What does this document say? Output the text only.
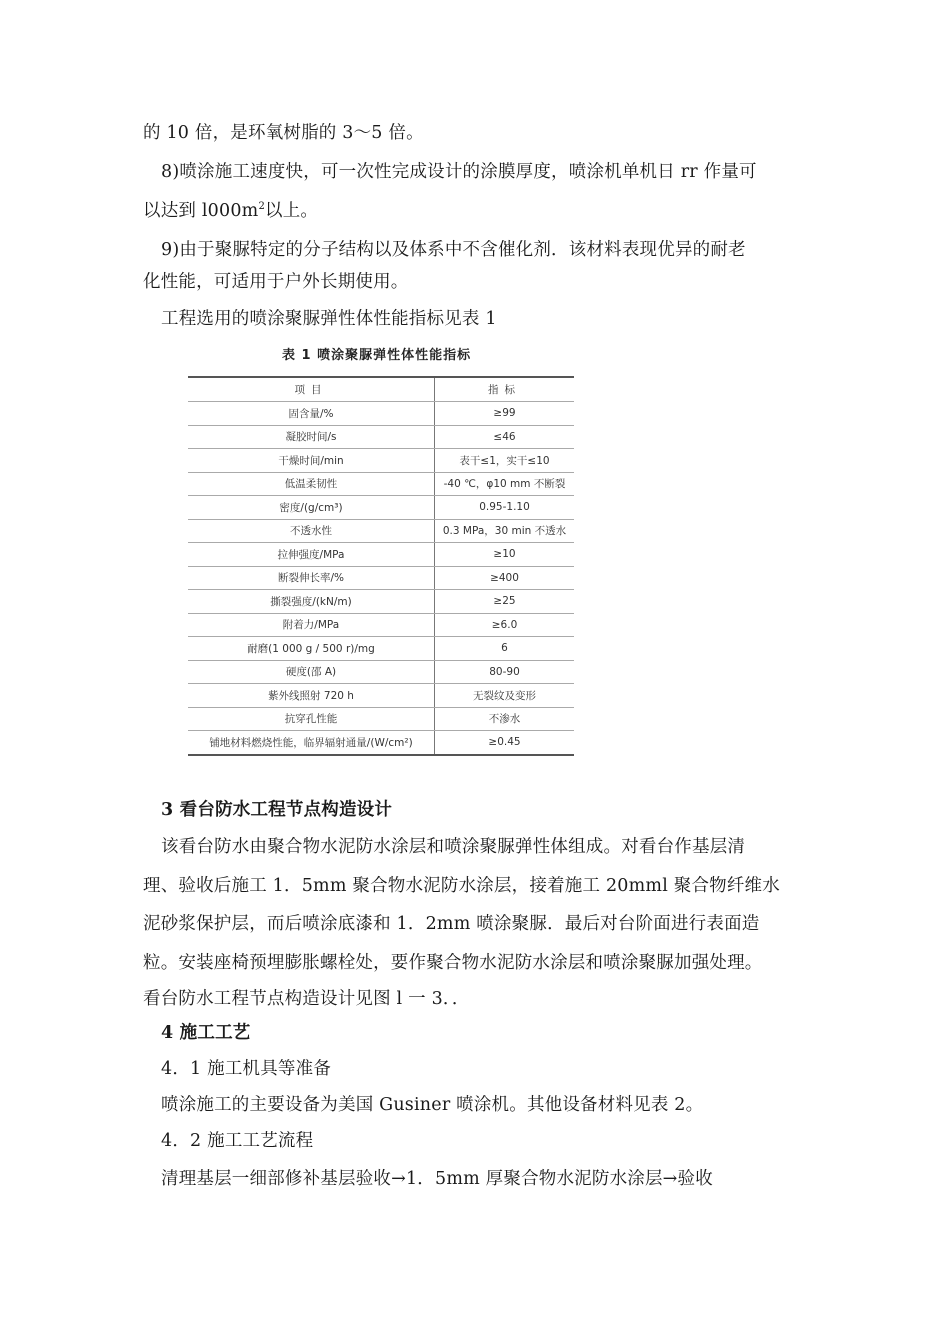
的 10 倍，是环氧树脂的 3～5 倍。
8)喷涂施工速度快，可一次性完成设计的涂膜厚度，喷涂机单机日 rr 作量可
以达到 $l000m^2$以上。
9)由于聚脲特定的分子结构以及体系中不含催化剂．该材料表现优异的耐老
化性能，可适用于户外长期使用。
工程选用的喷涂聚脲弹性体性能指标见表 1
表 1 喷涂聚脲弹性体性能指标
项目	指标
固含量/%	≥99
凝胶时间/s	≤46
干燥时间/min	表干≤1，实干≤10
低温柔韧性	-40 ℃，φ10 mm 不断裂
密度/(g/cm³)	0.95-1.10
不透水性	0.3 MPa，30 min 不透水
拉伸强度/MPa	≥10
断裂伸长率/%	≥400
撕裂强度/(kN/m)	≥25
附着力/MPa	≥6.0
耐磨(1 000 g / 500 r)/mg	6
硬度(邵 A)	80-90
紫外线照射 720 h	无裂纹及变形
抗穿孔性能	不渗水
铺地材料燃烧性能，临界辐射通量/(W/cm²)	≥0.45
3 看台防水工程节点构造设计
该看台防水由聚合物水泥防水涂层和喷涂聚脲弹性体组成。对看台作基层清
理、验收后施工 1．5mm 聚合物水泥防水涂层，接着施工 20mml 聚合物纤维水
泥砂浆保护层，而后喷涂底漆和 1．2mm 喷涂聚脲．最后对台阶面进行表面造
粒。安装座椅预埋膨胀螺栓处，要作聚合物水泥防水涂层和喷涂聚脲加强处理。
看台防水工程节点构造设计见图 l 一 3．．
4 施工工艺
4．1 施工机具等准备
喷涂施工的主要设备为美国 Gusiner 喷涂机。其他设备材料见表 2。
4．2 施工工艺流程
清理基层一细部修补基层验收→1．5mm 厚聚合物水泥防水涂层→验收
